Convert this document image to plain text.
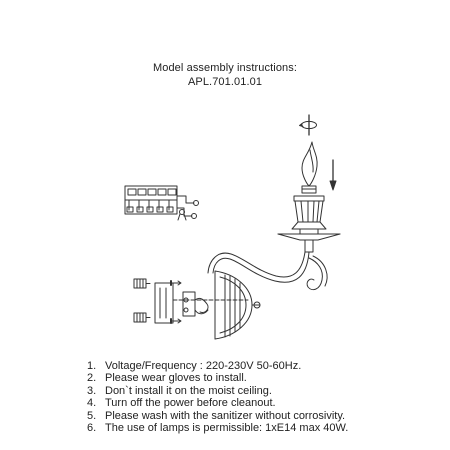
Model assembly instructions:
APL.701.01.01
1. Voltage/Frequency : 220-230V 50-60Hz.
2. Please wear gloves to install.
3. Don`t install it on the moist ceiling.
4. Turn off the power before cleanout.
5. Please wash with the sanitizer without corrosivity.
6. The use of lamps is permissible: 1xE14 max 40W.
